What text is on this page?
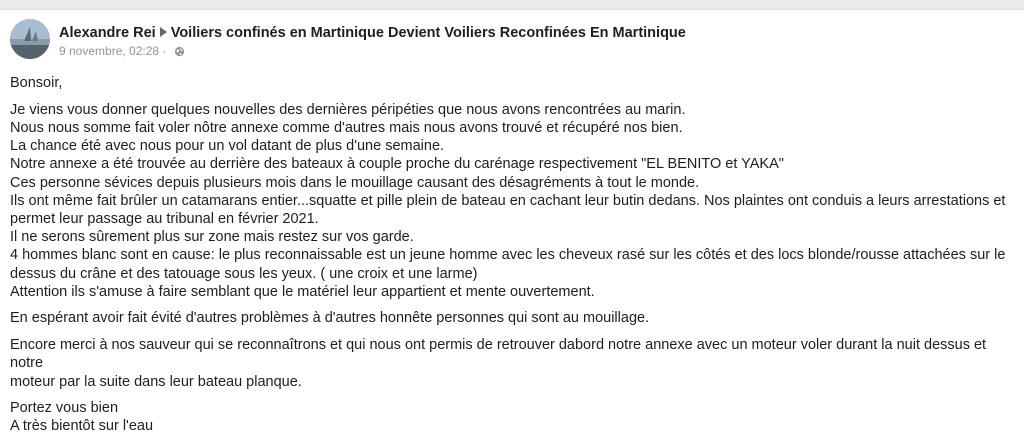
Alexandre Rei Voiliers confinés en Martinique Devient Voiliers Reconfinées En Martinique
9 novembre, 02:28 ·

Bonsoir,

Je viens vous donner quelques nouvelles des dernières péripéties que nous avons rencontrées au marin.
Nous nous somme fait voler nôtre annexe comme d'autres mais nous avons trouvé et récupéré nos bien.
La chance été avec nous pour un vol datant de plus d'une semaine.
Notre annexe a été trouvée au derrière des bateaux à couple proche du carénage respectivement "EL BENITO et YAKA"
Ces personne sévices depuis plusieurs mois dans le mouillage causant des désagréments à tout le monde.
Ils ont même fait brûler un catamarans entier...squatte et pille plein de bateau en cachant leur butin dedans. Nos plaintes ont conduis a leurs arrestations et
permet leur passage au tribunal en février 2021.
Il ne serons sûrement plus sur zone mais restez sur vos garde.
4 hommes blanc sont en cause: le plus reconnaissable est un jeune homme avec les cheveux rasé sur les côtés et des locs blonde/rousse attachées sur le
dessus du crâne et des tatouage sous les yeux. ( une croix et une larme)
Attention ils s'amuse à faire semblant que le matériel leur appartient et mente ouvertement.

En espérant avoir fait évité d'autres problèmes à d'autres honnête personnes qui sont au mouillage.

Encore merci à nos sauveur qui se reconnaîtrons et qui nous ont permis de retrouver dabord notre annexe avec un moteur voler durant la nuit dessus et notre
moteur par la suite dans leur bateau planque.

Portez vous bien
A très bientôt sur l'eau
